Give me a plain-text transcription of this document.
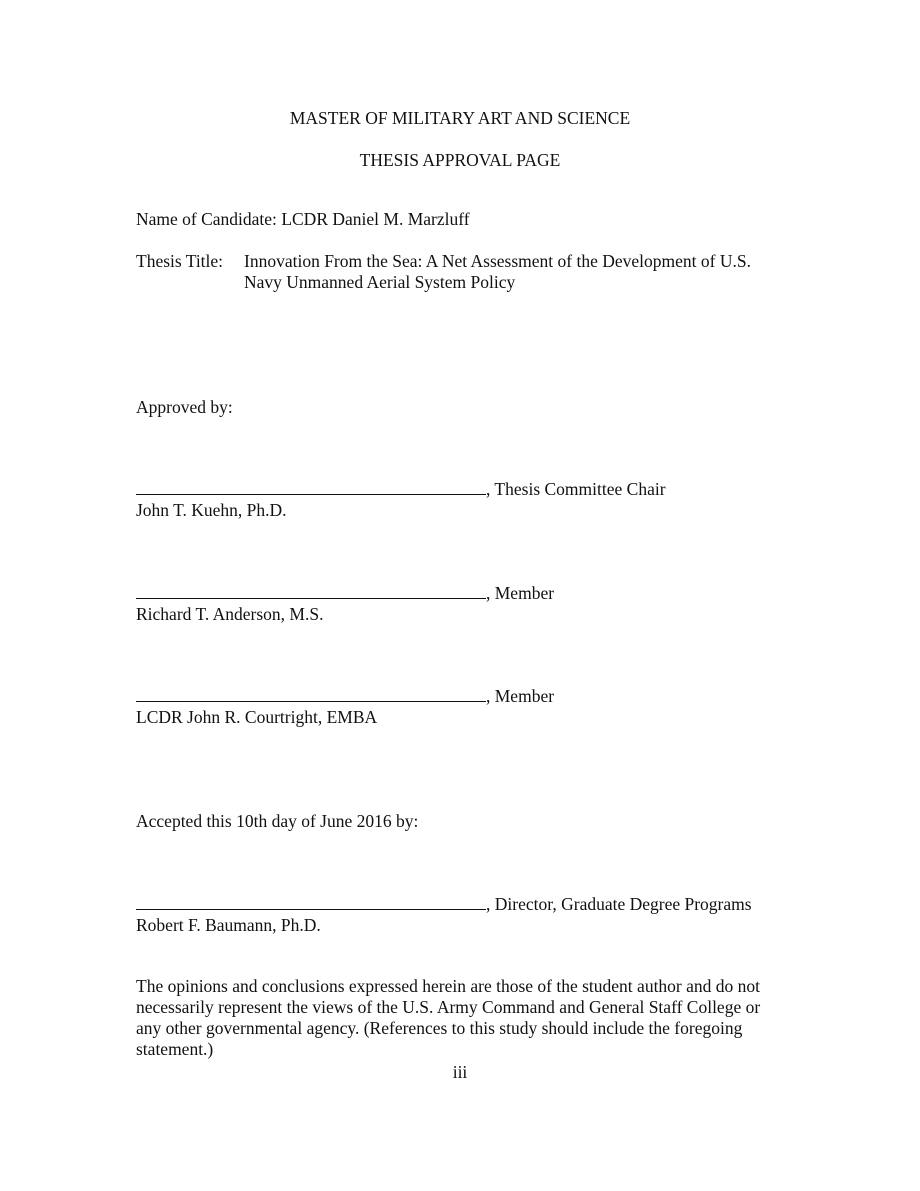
MASTER OF MILITARY ART AND SCIENCE
THESIS APPROVAL PAGE
Name of Candidate: LCDR Daniel M. Marzluff
Thesis Title: Innovation From the Sea: A Net Assessment of the Development of U.S.
Navy Unmanned Aerial System Policy
Approved by:
, Thesis Committee Chair
John T. Kuehn, Ph.D.
, Member
Richard T. Anderson, M.S.
, Member
LCDR John R. Courtright, EMBA
Accepted this 10th day of June 2016 by:
, Director, Graduate Degree Programs
Robert F. Baumann, Ph.D.
The opinions and conclusions expressed herein are those of the student author and do not necessarily represent the views of the U.S. Army Command and General Staff College or any other governmental agency. (References to this study should include the foregoing statement.)
iii
